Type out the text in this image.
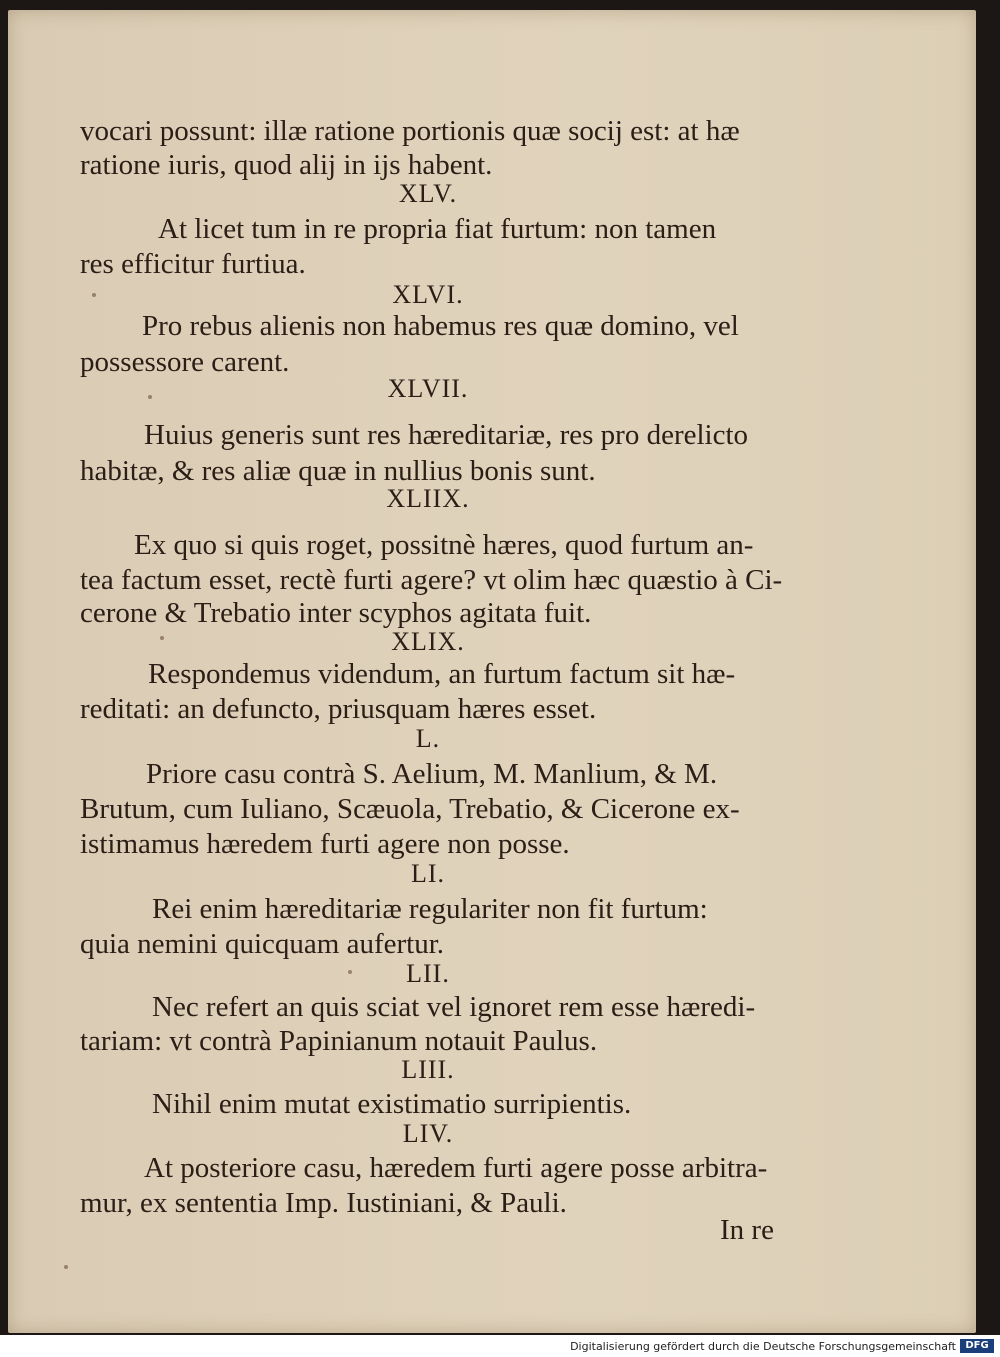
vocari possunt: illæ ratione portionis quæ socij est: at hæ
ratione iuris, quod alij in ijs habent.
XLV.
At licet tum in re propria fiat furtum: non tamen
res efficitur furtiua.
XLVI.
Pro rebus alienis non habemus res quæ domino, vel
possessore carent.
XLVII.
Huius generis sunt res hæreditariæ, res pro derelicto
habitæ, & res aliæ quæ in nullius bonis sunt.
XLIIX.
Ex quo si quis roget, possitnè hæres, quod furtum an-
tea factum esset, rectè furti agere? vt olim hæc quæstio à Ci-
cerone & Trebatio inter scyphos agitata fuit.
XLIX.
Respondemus videndum, an furtum factum sit hæ-
reditati: an defuncto, priusquam hæres esset.
L.
Priore casu contrà S. Aelium, M. Manlium, & M.
Brutum, cum Iuliano, Scæuola, Trebatio, & Cicerone ex-
istimamus hæredem furti agere non posse.
LI.
Rei enim hæreditariæ regulariter non fit furtum:
quia nemini quicquam aufertur.
LII.
Nec refert an quis sciat vel ignoret rem esse hæredi-
tariam: vt contrà Papinianum notauit Paulus.
LIII.
Nihil enim mutat existimatio surripientis.
LIV.
At posteriore casu, hæredem furti agere posse arbitra-
mur, ex sententia Imp. Iustiniani, & Pauli.
In re
Digitalisierung gefördert durch die Deutsche Forschungsgemeinschaft DFG
